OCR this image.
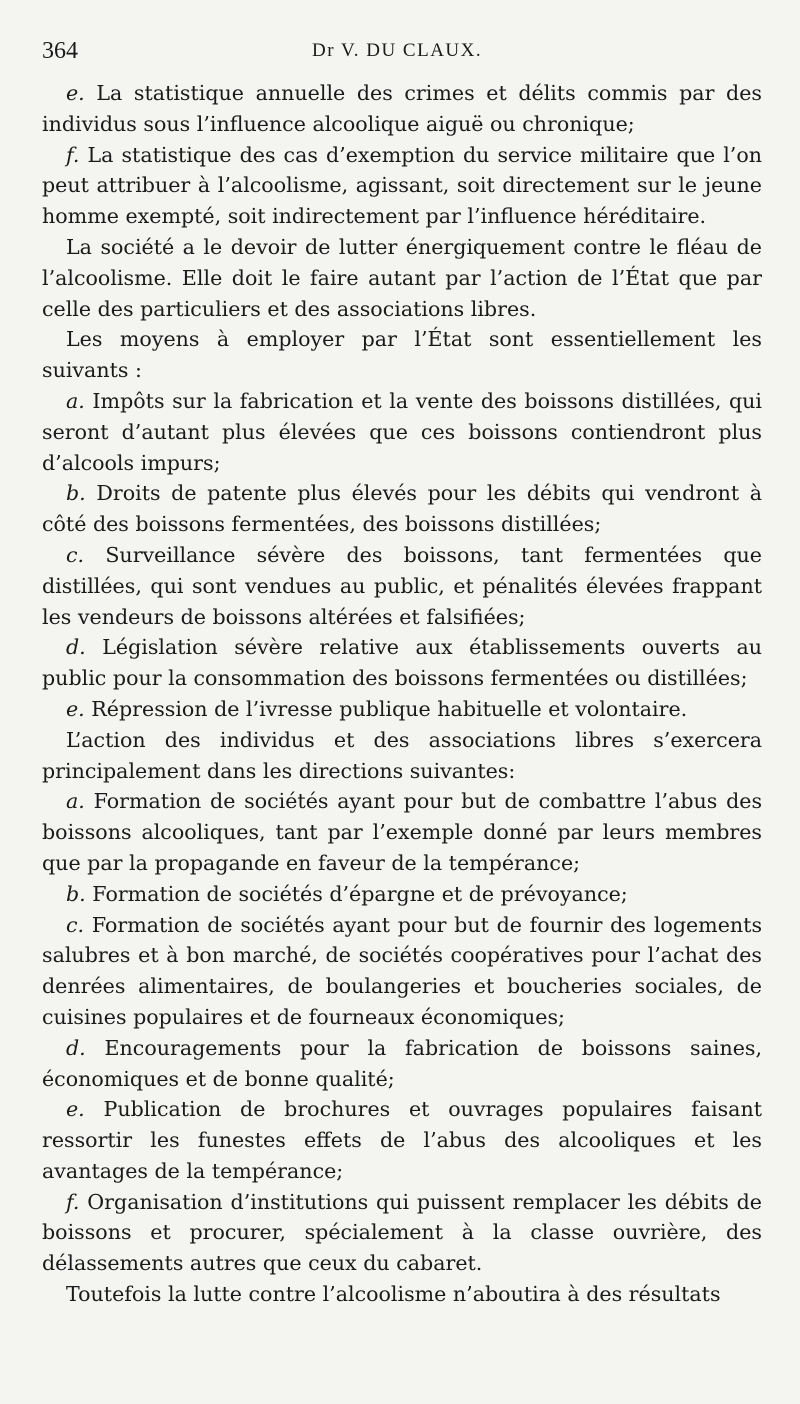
364	Dr V. DU CLAUX.

e. La statistique annuelle des crimes et délits commis par des individus sous l’influence alcoolique aiguë ou chronique;

f. La statistique des cas d’exemption du service militaire que l’on peut attribuer à l’alcoolisme, agissant, soit directement sur le jeune homme exempté, soit indirectement par l’influence héréditaire.

La société a le devoir de lutter énergiquement contre le fléau de l’alcoolisme. Elle doit le faire autant par l’action de l’État que par celle des particuliers et des associations libres.

Les moyens à employer par l’État sont essentiellement les suivants :

a. Impôts sur la fabrication et la vente des boissons distillées, qui seront d’autant plus élevées que ces boissons contiendront plus d’alcools impurs;

b. Droits de patente plus élevés pour les débits qui vendront à côté des boissons fermentées, des boissons distillées;

c. Surveillance sévère des boissons, tant fermentées que distillées, qui sont vendues au public, et pénalités élevées frappant les vendeurs de boissons altérées et falsifiées;

d. Législation sévère relative aux établissements ouverts au public pour la consommation des boissons fermentées ou distillées;

e. Répression de l’ivresse publique habituelle et volontaire.

L’action des individus et des associations libres s’exercera principalement dans les directions suivantes:

a. Formation de sociétés ayant pour but de combattre l’abus des boissons alcooliques, tant par l’exemple donné par leurs membres que par la propagande en faveur de la tempérance;

b. Formation de sociétés d’épargne et de prévoyance;

c. Formation de sociétés ayant pour but de fournir des logements salubres et à bon marché, de sociétés coopératives pour l’achat des denrées alimentaires, de boulangeries et boucheries sociales, de cuisines populaires et de fourneaux économiques;

d. Encouragements pour la fabrication de boissons saines, économiques et de bonne qualité;

e. Publication de brochures et ouvrages populaires faisant ressortir les funestes effets de l’abus des alcooliques et les avantages de la tempérance;

f. Organisation d’institutions qui puissent remplacer les débits de boissons et procurer, spécialement à la classe ouvrière, des délassements autres que ceux du cabaret.

Toutefois la lutte contre l’alcoolisme n’aboutira à des résultats
